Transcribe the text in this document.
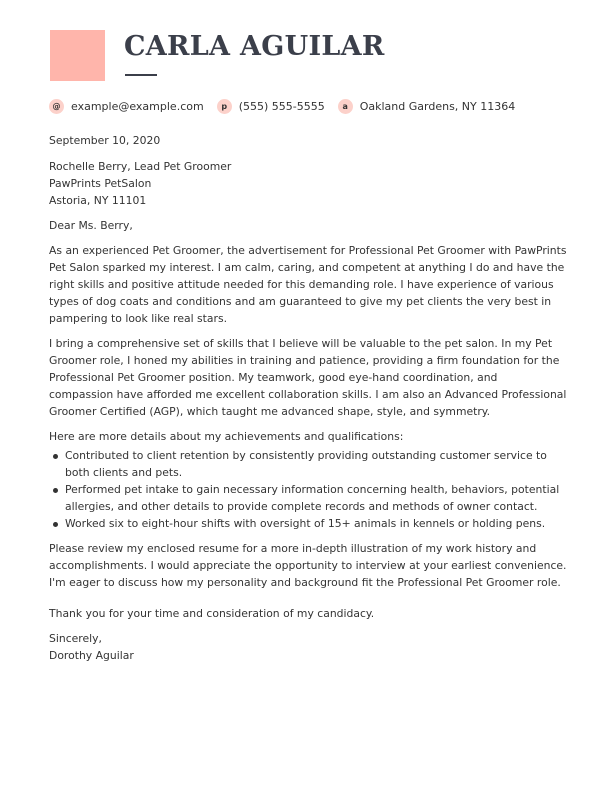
CARLA AGUILAR
@ example@example.com	p	(555) 555-5555	a	Oakland Gardens, NY 11364

September 10, 2020

Rochelle Berry, Lead Pet Groomer
PawPrints PetSalon
Astoria, NY 11101

Dear Ms. Berry,

As an experienced Pet Groomer, the advertisement for Professional Pet Groomer with PawPrints
Pet Salon sparked my interest. I am calm, caring, and competent at anything I do and have the
right skills and positive attitude needed for this demanding role. I have experience of various
types of dog coats and conditions and am guaranteed to give my pet clients the very best in
pampering to look like real stars.

I bring a comprehensive set of skills that I believe will be valuable to the pet salon. In my Pet
Groomer role, I honed my abilities in training and patience, providing a firm foundation for the
Professional Pet Groomer position. My teamwork, good eye-hand coordination, and
compassion have afforded me excellent collaboration skills. I am also an Advanced Professional
Groomer Certified (AGP), which taught me advanced shape, style, and symmetry.

Here are more details about my achievements and qualifications:

Contributed to client retention by consistently providing outstanding customer service to
both clients and pets.
Performed pet intake to gain necessary information concerning health, behaviors, potential
allergies, and other details to provide complete records and methods of owner contact.
Worked six to eight-hour shifts with oversight of 15+ animals in kennels or holding pens.

Please review my enclosed resume for a more in-depth illustration of my work history and
accomplishments. I would appreciate the opportunity to interview at your earliest convenience.
I'm eager to discuss how my personality and background fit the Professional Pet Groomer role.

Thank you for your time and consideration of my candidacy.

Sincerely,
Dorothy Aguilar
